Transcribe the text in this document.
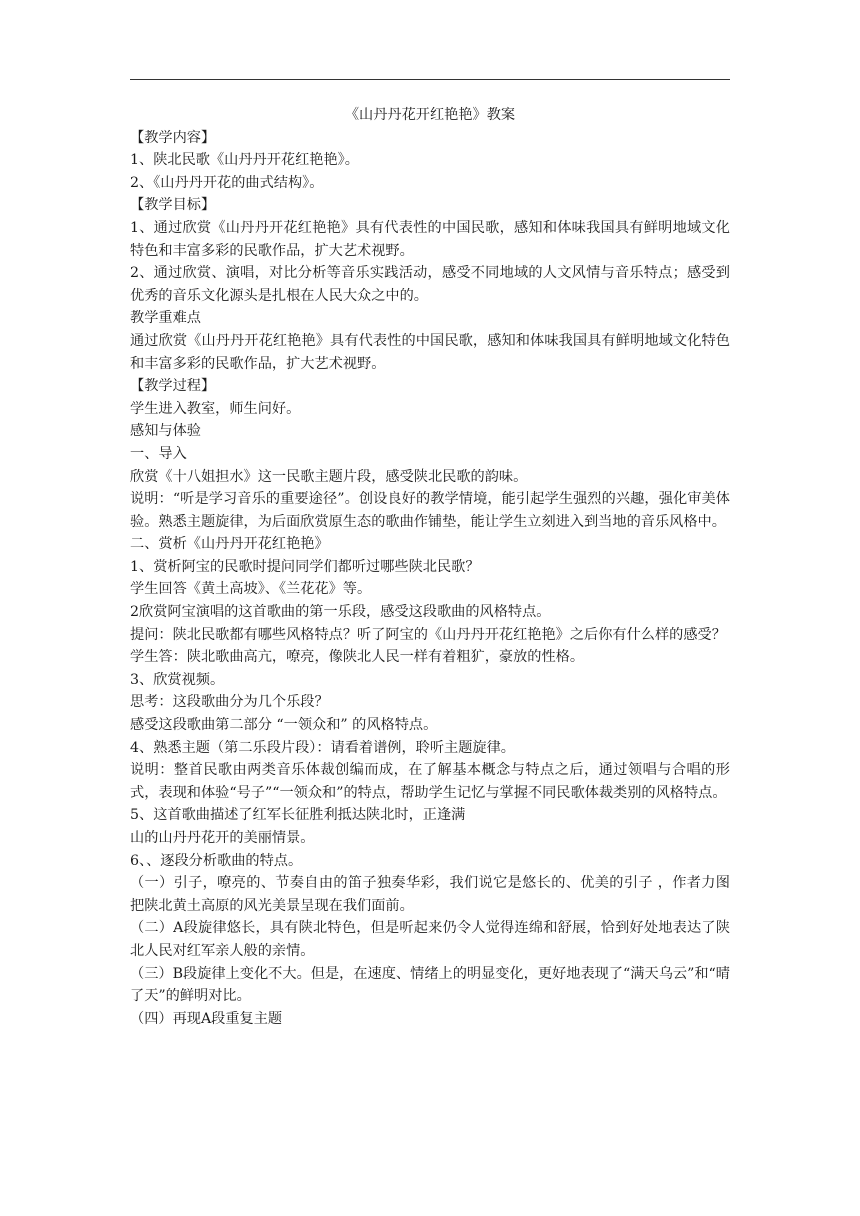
《山丹丹花开红艳艳》教案

【教学内容】

1、陕北民歌《山丹丹开花红艳艳》。

2、《山丹丹开花的曲式结构》。

【教学目标】

1、通过欣赏《山丹丹开花红艳艳》具有代表性的中国民歌，感知和体味我国具有鲜明地域文化特色和丰富多彩的民歌作品，扩大艺术视野。

2、通过欣赏、演唱，对比分析等音乐实践活动，感受不同地域的人文风情与音乐特点；感受到优秀的音乐文化源头是扎根在人民大众之中的。

教学重难点

通过欣赏《山丹丹开花红艳艳》具有代表性的中国民歌，感知和体味我国具有鲜明地域文化特色和丰富多彩的民歌作品，扩大艺术视野。

【教学过程】

学生进入教室，师生问好。

感知与体验

一、导入

欣赏《十八姐担水》这一民歌主题片段，感受陕北民歌的韵味。

说明：“听是学习音乐的重要途径”。创设良好的教学情境，能引起学生强烈的兴趣，强化审美体验。熟悉主题旋律，为后面欣赏原生态的歌曲作铺垫，能让学生立刻进入到当地的音乐风格中。

二、赏析《山丹丹开花红艳艳》

1、赏析阿宝的民歌时提问同学们都听过哪些陕北民歌？

学生回答《黄土高坡》、《兰花花》等。

2欣赏阿宝演唱的这首歌曲的第一乐段，感受这段歌曲的风格特点。

提问：陕北民歌都有哪些风格特点？听了阿宝的《山丹丹开花红艳艳》之后你有什么样的感受？

学生答：陕北歌曲高亢，嘹亮，像陕北人民一样有着粗犷，豪放的性格。

3、欣赏视频。

思考：这段歌曲分为几个乐段？

感受这段歌曲第二部分 “一领众和” 的风格特点。

4、熟悉主题（第二乐段片段）：请看着谱例，聆听主题旋律。

说明：整首民歌由两类音乐体裁创编而成，在了解基本概念与特点之后，通过领唱与合唱的形式，表现和体验“号子”“一领众和”的特点，帮助学生记忆与掌握不同民歌体裁类别的风格特点。

5、这首歌曲描述了红军长征胜利抵达陕北时，正逢满

山的山丹丹花开的美丽情景。

6、、逐段分析歌曲的特点。

（一）引子，嘹亮的、节奏自由的笛子独奏华彩，我们说它是悠长的、优美的引子 ，作者力图把陕北黄土高原的风光美景呈现在我们面前。

（二）A段旋律悠长，具有陕北特色，但是听起来仍令人觉得连绵和舒展，恰到好处地表达了陕北人民对红军亲人般的亲情。

（三）B段旋律上变化不大。但是，在速度、情绪上的明显变化，更好地表现了“满天乌云”和“晴了天”的鲜明对比。

（四）再现A段重复主题
